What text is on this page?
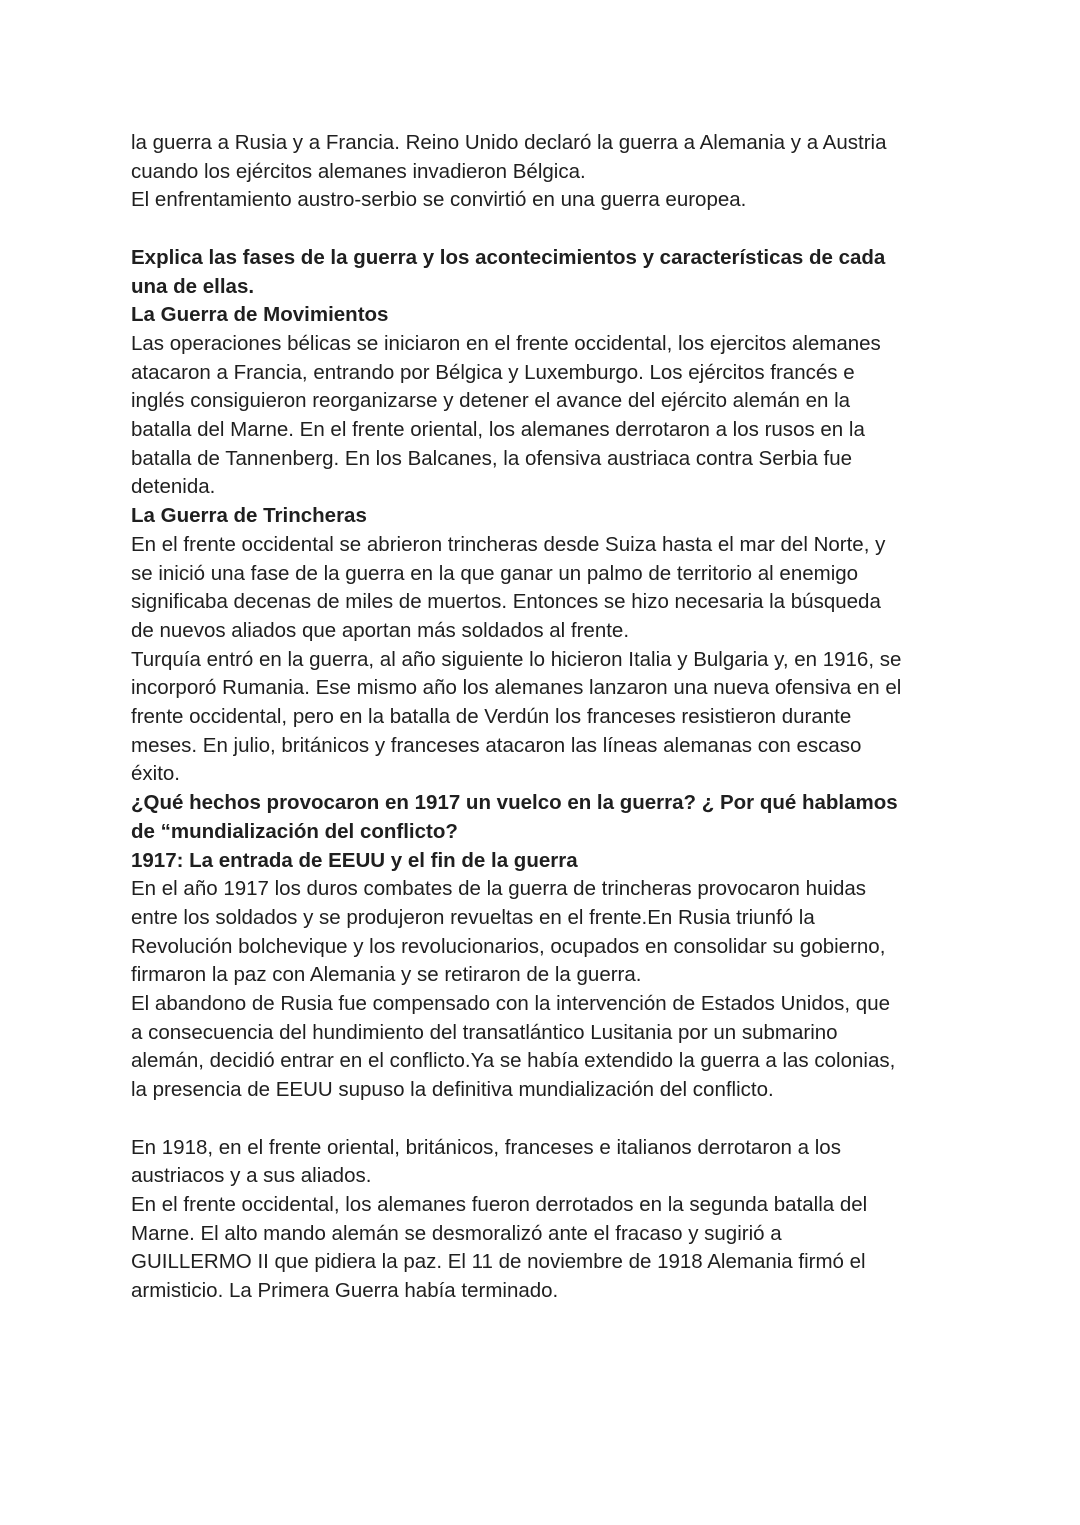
la guerra a Rusia y a Francia. Reino Unido declaró la guerra a Alemania y a Austria
cuando los ejércitos alemanes invadieron Bélgica.
El enfrentamiento austro-serbio se convirtió en una guerra europea.
Explica las fases de la guerra y los acontecimientos y características de cada
una de ellas.
La Guerra de Movimientos
Las operaciones bélicas se iniciaron en el frente occidental, los ejercitos alemanes
atacaron a Francia, entrando por Bélgica y Luxemburgo. Los ejércitos francés e
inglés consiguieron reorganizarse y detener el avance del ejército alemán en la
batalla del Marne. En el frente oriental, los alemanes derrotaron a los rusos en la
batalla de Tannenberg. En los Balcanes, la ofensiva austriaca contra Serbia fue
detenida.
La Guerra de Trincheras
En el frente occidental se abrieron trincheras desde Suiza hasta el mar del Norte, y
se inició una fase de la guerra en la que ganar un palmo de territorio al enemigo
significaba decenas de miles de muertos. Entonces se hizo necesaria la búsqueda
de nuevos aliados que aportan más soldados al frente.
Turquía entró en la guerra, al año siguiente lo hicieron Italia y Bulgaria y, en 1916, se
incorporó Rumania. Ese mismo año los alemanes lanzaron una nueva ofensiva en el
frente occidental, pero en la batalla de Verdún los franceses resistieron durante
meses. En julio, británicos y franceses atacaron las líneas alemanas con escaso
éxito.
¿Qué hechos provocaron en 1917 un vuelco en la guerra? ¿ Por qué hablamos
de “mundialización del conflicto?
1917: La entrada de EEUU y el fin de la guerra
En el año 1917 los duros combates de la guerra de trincheras provocaron huidas
entre los soldados y se produjeron revueltas en el frente.En Rusia triunfó la
Revolución bolchevique y los revolucionarios, ocupados en consolidar su gobierno,
firmaron la paz con Alemania y se retiraron de la guerra.
El abandono de Rusia fue compensado con la intervención de Estados Unidos, que
a consecuencia del hundimiento del transatlántico Lusitania por un submarino
alemán, decidió entrar en el conflicto.Ya se había extendido la guerra a las colonias,
la presencia de EEUU supuso la definitiva mundialización del conflicto.
En 1918, en el frente oriental, británicos, franceses e italianos derrotaron a los
austriacos y a sus aliados.
En el frente occidental, los alemanes fueron derrotados en la segunda batalla del
Marne. El alto mando alemán se desmoralizó ante el fracaso y sugirió a
GUILLERMO II que pidiera la paz. El 11 de noviembre de 1918 Alemania firmó el
armisticio. La Primera Guerra había terminado.
